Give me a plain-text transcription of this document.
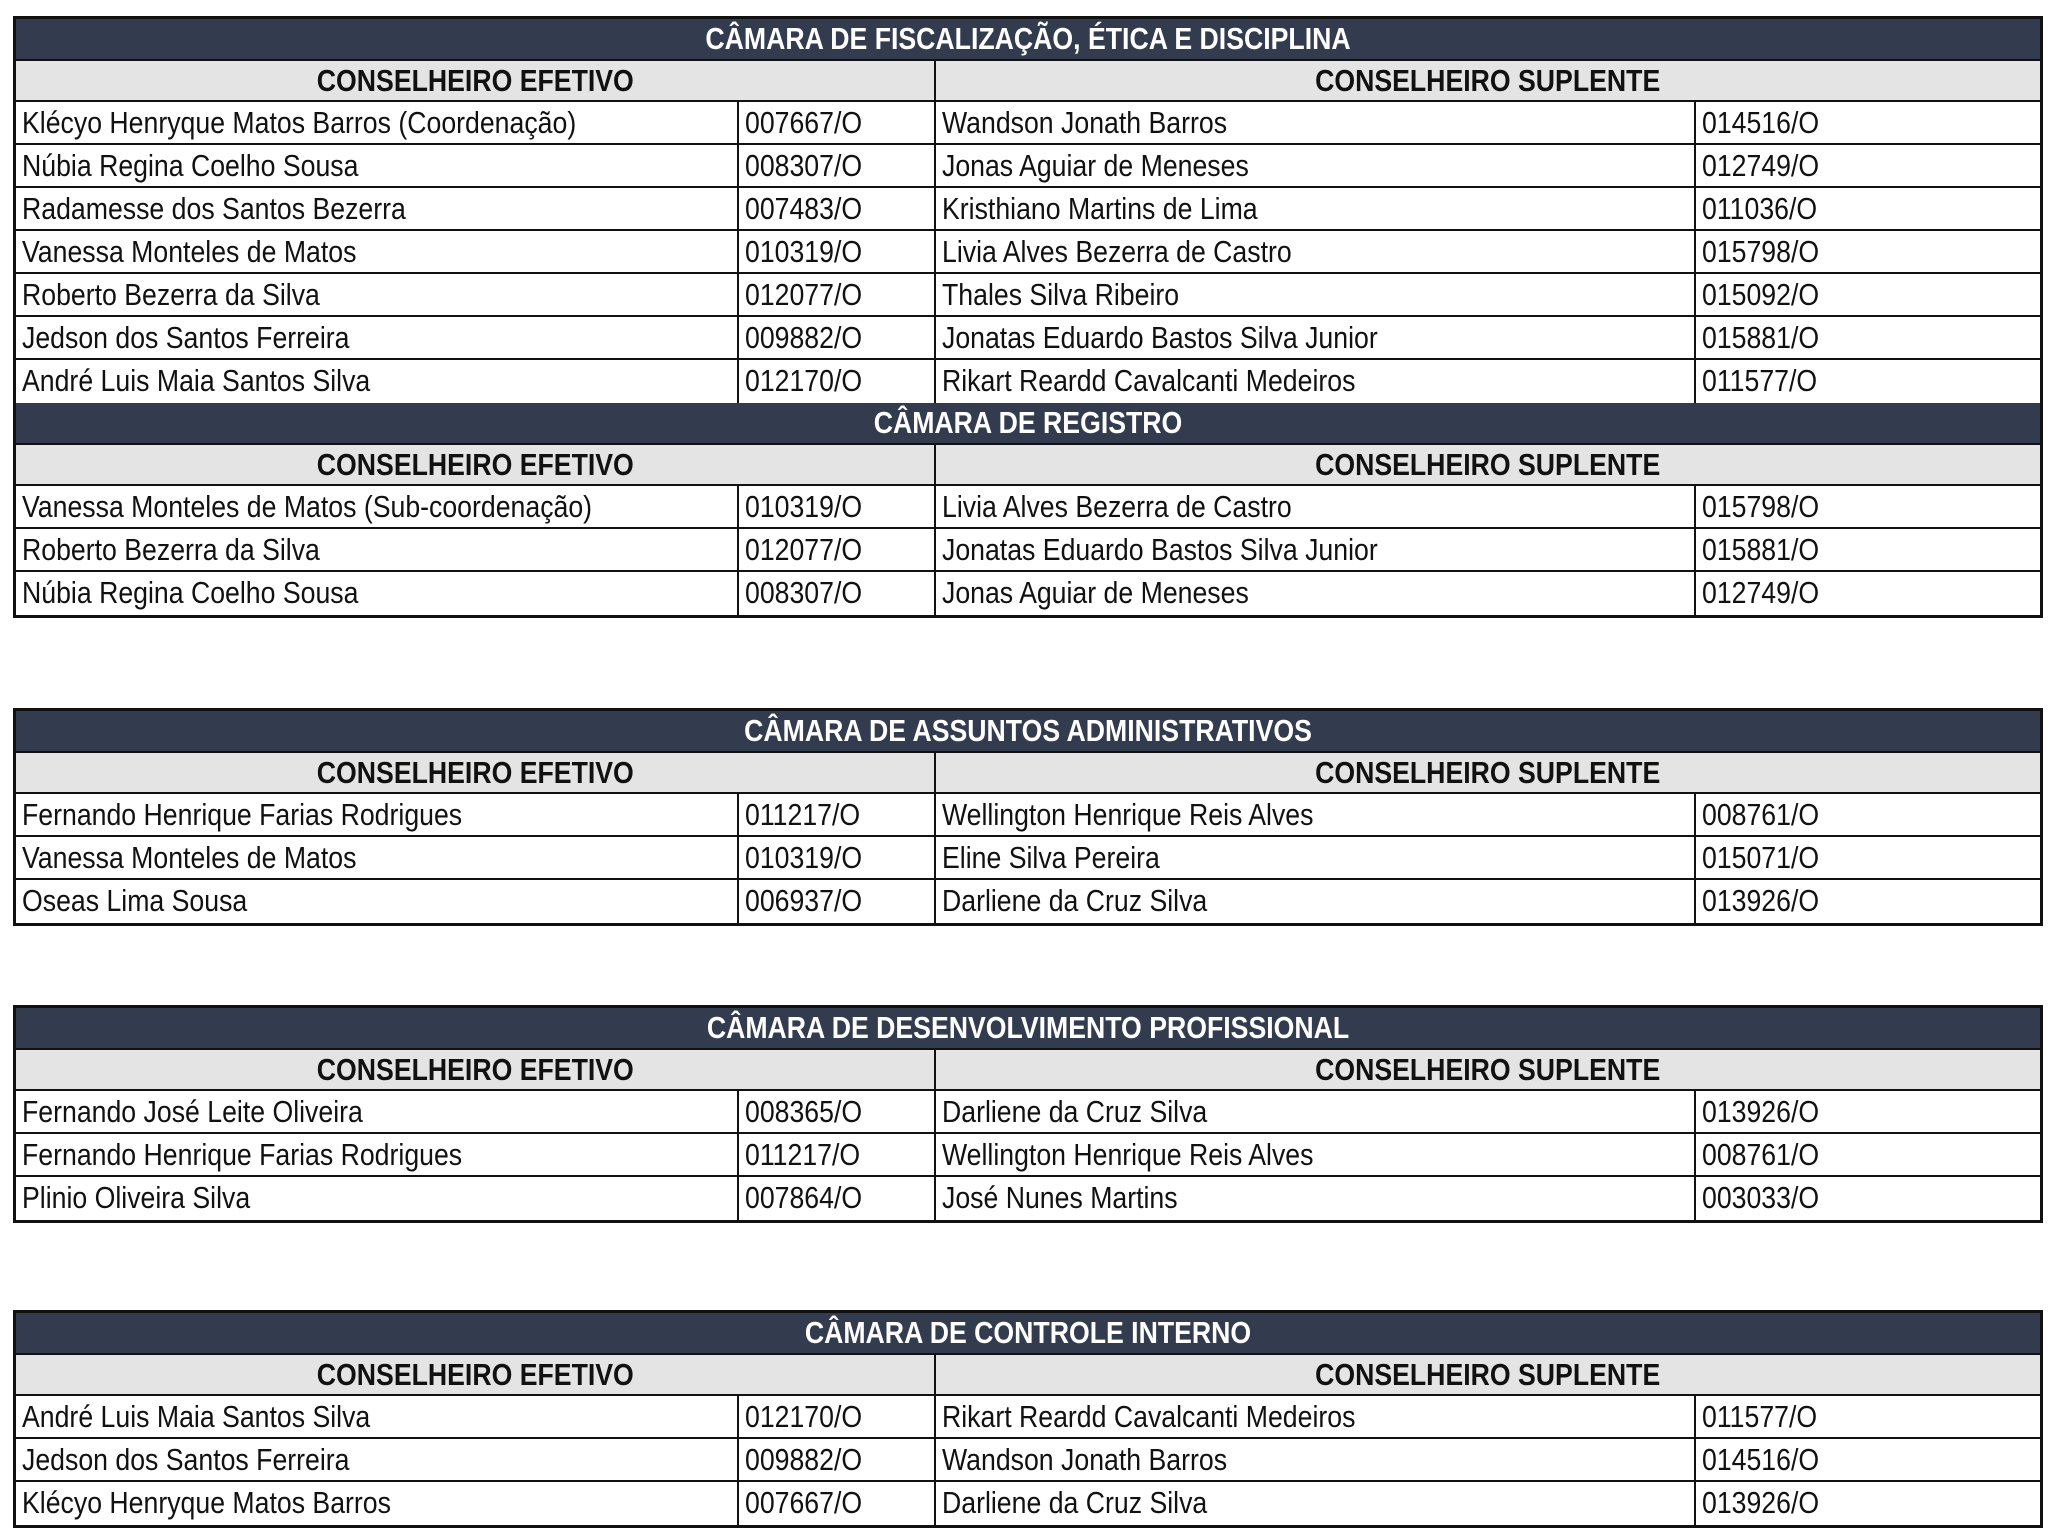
CÂMARA DE FISCALIZAÇÃO, ÉTICA E DISCIPLINA
CONSELHEIRO EFETIVO	CONSELHEIRO SUPLENTE
Klécyo Henryque Matos Barros (Coordenação)	007667/O	Wandson Jonath Barros	014516/O
Núbia Regina Coelho Sousa	008307/O	Jonas Aguiar de Meneses	012749/O
Radamesse dos Santos Bezerra	007483/O	Kristhiano Martins de Lima	011036/O
Vanessa Monteles de Matos	010319/O	Livia Alves Bezerra de Castro	015798/O
Roberto Bezerra da Silva	012077/O	Thales Silva Ribeiro	015092/O
Jedson dos Santos Ferreira	009882/O	Jonatas Eduardo Bastos Silva Junior	015881/O
André Luis Maia Santos Silva	012170/O	Rikart Reardd Cavalcanti Medeiros	011577/O
CÂMARA DE REGISTRO
CONSELHEIRO EFETIVO	CONSELHEIRO SUPLENTE
Vanessa Monteles de Matos (Sub-coordenação)	010319/O	Livia Alves Bezerra de Castro	015798/O
Roberto Bezerra da Silva	012077/O	Jonatas Eduardo Bastos Silva Junior	015881/O
Núbia Regina Coelho Sousa	008307/O	Jonas Aguiar de Meneses	012749/O
CÂMARA DE ASSUNTOS ADMINISTRATIVOS
CONSELHEIRO EFETIVO	CONSELHEIRO SUPLENTE
Fernando Henrique Farias Rodrigues	011217/O	Wellington Henrique Reis Alves	008761/O
Vanessa Monteles de Matos	010319/O	Eline Silva Pereira	015071/O
Oseas Lima Sousa	006937/O	Darliene da Cruz Silva	013926/O
CÂMARA DE DESENVOLVIMENTO PROFISSIONAL
CONSELHEIRO EFETIVO	CONSELHEIRO SUPLENTE
Fernando José Leite Oliveira	008365/O	Darliene da Cruz Silva	013926/O
Fernando Henrique Farias Rodrigues	011217/O	Wellington Henrique Reis Alves	008761/O
Plinio Oliveira Silva	007864/O	José Nunes Martins	003033/O
CÂMARA DE CONTROLE INTERNO
CONSELHEIRO EFETIVO	CONSELHEIRO SUPLENTE
André Luis Maia Santos Silva	012170/O	Rikart Reardd Cavalcanti Medeiros	011577/O
Jedson dos Santos Ferreira	009882/O	Wandson Jonath Barros	014516/O
Klécyo Henryque Matos Barros	007667/O	Darliene da Cruz Silva	013926/O
